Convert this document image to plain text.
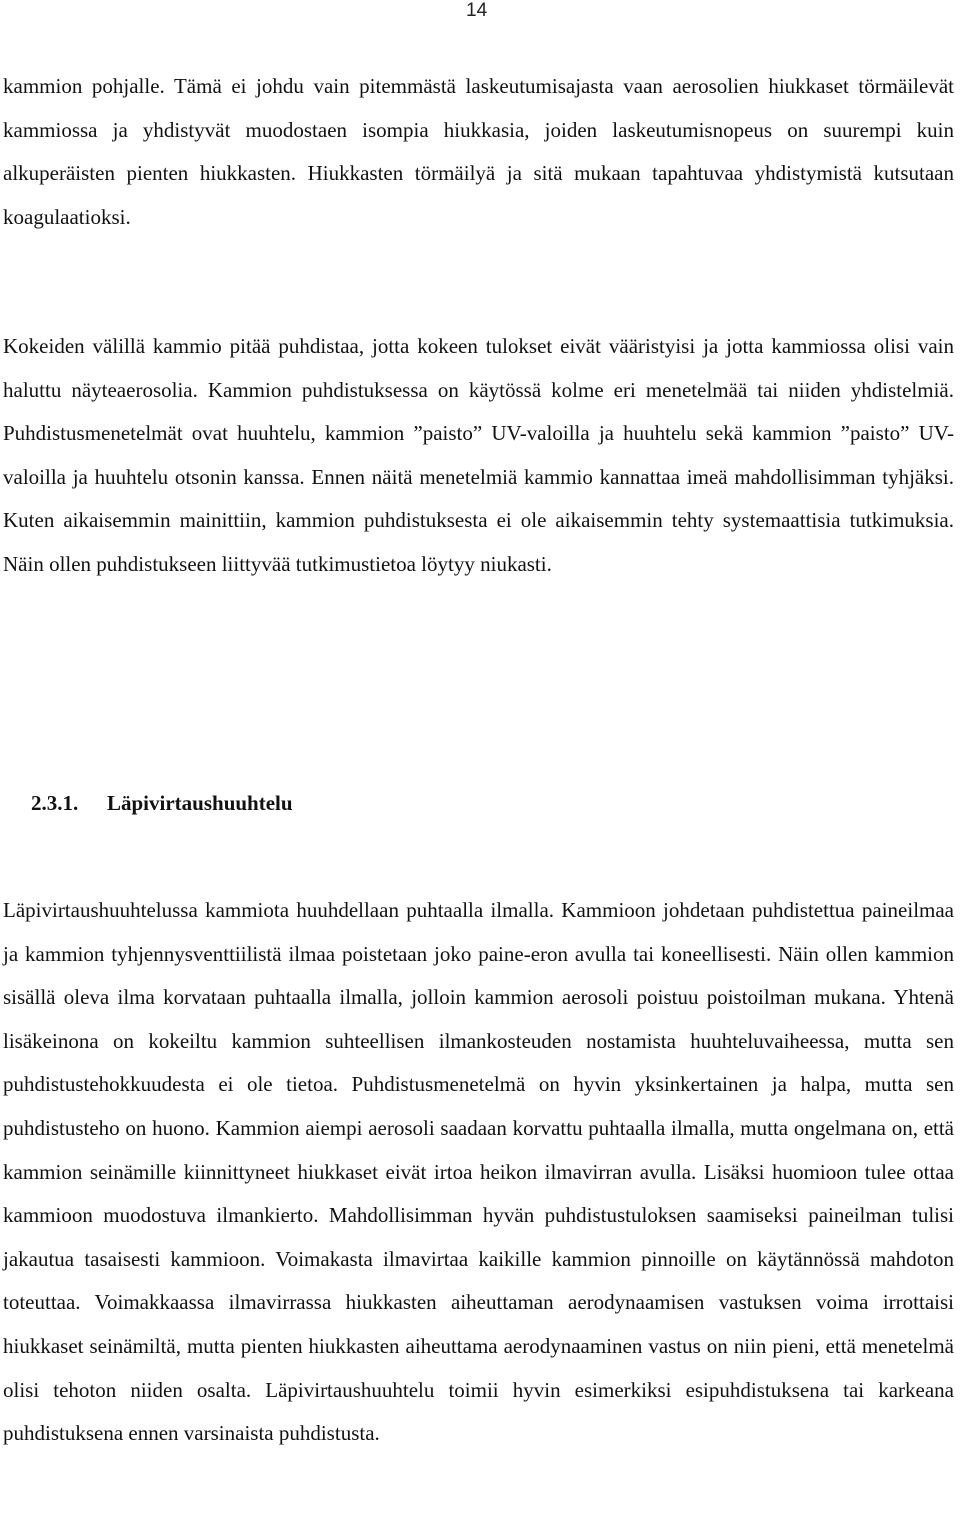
14

kammion pohjalle. Tämä ei johdu vain pitemmästä laskeutumisajasta vaan aerosolien hiukkaset törmäilevät kammiossa ja yhdistyvät muodostaen isompia hiukkasia, joiden laskeutumisnopeus on suurempi kuin alkuperäisten pienten hiukkasten. Hiukkasten törmäilyä ja sitä mukaan tapahtuvaa yhdistymistä kutsutaan koagulaatioksi.

Kokeiden välillä kammio pitää puhdistaa, jotta kokeen tulokset eivät vääristyisi ja jotta kammiossa olisi vain haluttu näyteaerosolia. Kammion puhdistuksessa on käytössä kolme eri menetelmää tai niiden yhdistelmiä. Puhdistusmenetelmät ovat huuhtelu, kammion ”paisto” UV-valoilla ja huuhtelu sekä kammion ”paisto” UV-valoilla ja huuhtelu otsonin kanssa. Ennen näitä menetelmiä kammio kannattaa imeä mahdollisimman tyhjäksi. Kuten aikaisemmin mainittiin, kammion puhdistuksesta ei ole aikaisemmin tehty systemaattisia tutkimuksia. Näin ollen puhdistukseen liittyvää tutkimustietoa löytyy niukasti.

2.3.1. Läpivirtaushuuhtelu

Läpivirtaushuuhtelussa kammiota huuhdellaan puhtaalla ilmalla. Kammioon johdetaan puhdistettua paineilmaa ja kammion tyhjennysventtiilistä ilmaa poistetaan joko paine-eron avulla tai koneellisesti. Näin ollen kammion sisällä oleva ilma korvataan puhtaalla ilmalla, jolloin kammion aerosoli poistuu poistoilman mukana. Yhtenä lisäkeinona on kokeiltu kammion suhteellisen ilmankosteuden nostamista huuhteluvaiheessa, mutta sen puhdistustehokkuudesta ei ole tietoa. Puhdistusmenetelmä on hyvin yksinkertainen ja halpa, mutta sen puhdistusteho on huono. Kammion aiempi aerosoli saadaan korvattu puhtaalla ilmalla, mutta ongelmana on, että kammion seinämille kiinnittyneet hiukkaset eivät irtoa heikon ilmavirran avulla. Lisäksi huomioon tulee ottaa kammioon muodostuva ilmankierto. Mahdollisimman hyvän puhdistustuloksen saamiseksi paineilman tulisi jakautua tasaisesti kammioon. Voimakasta ilmavirtaa kaikille kammion pinnoille on käytännössä mahdoton toteuttaa. Voimakkaassa ilmavirrassa hiukkasten aiheuttaman aerodynaamisen vastuksen voima irrottaisi hiukkaset seinämiltä, mutta pienten hiukkasten aiheuttama aerodynaaminen vastus on niin pieni, että menetelmä olisi tehoton niiden osalta. Läpivirtaushuuhtelu toimii hyvin esimerkiksi esipuhdistuksena tai karkeana puhdistuksena ennen varsinaista puhdistusta.
